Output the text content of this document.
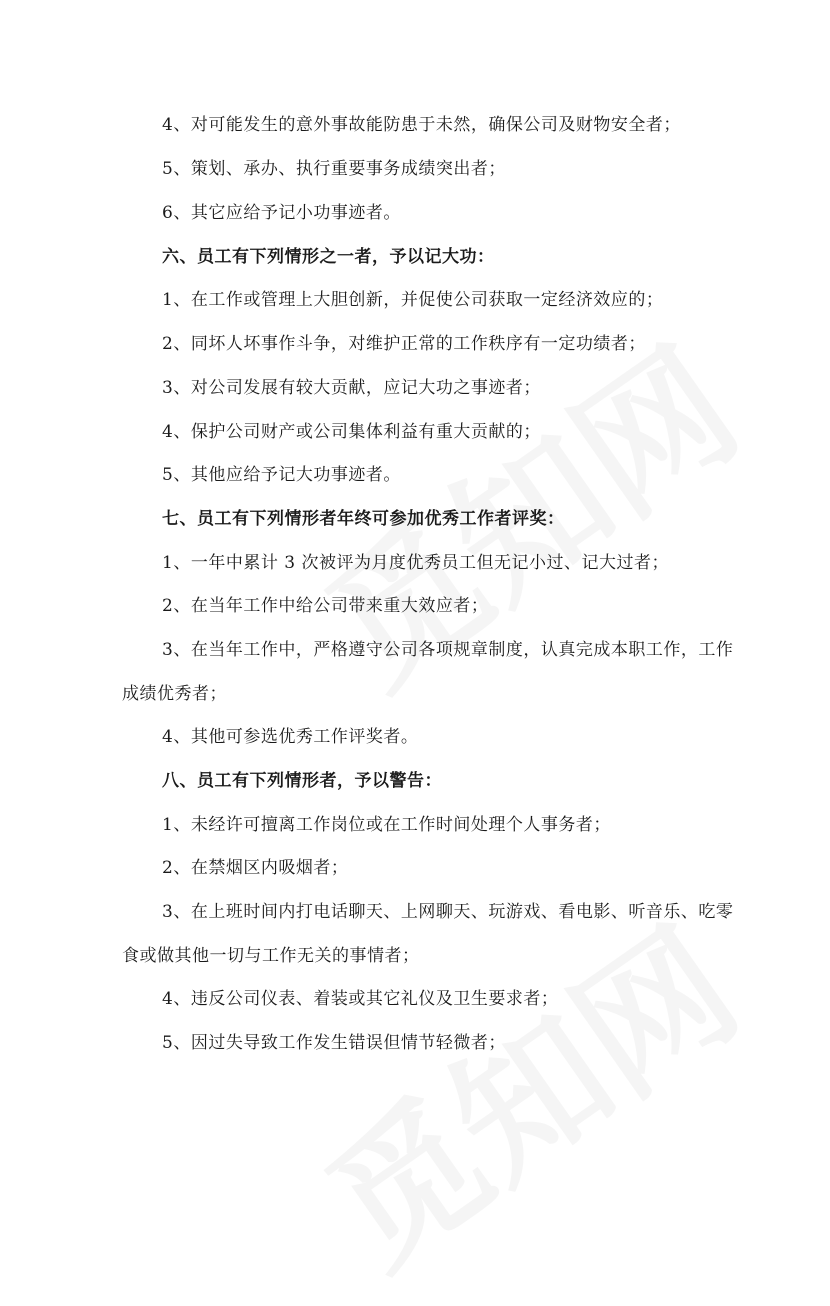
4、对可能发生的意外事故能防患于未然，确保公司及财物安全者；
5、策划、承办、执行重要事务成绩突出者；
6、其它应给予记小功事迹者。
六、员工有下列情形之一者，予以记大功：
1、在工作或管理上大胆创新，并促使公司获取一定经济效应的；
2、同坏人坏事作斗争，对维护正常的工作秩序有一定功绩者；
3、对公司发展有较大贡献，应记大功之事迹者；
4、保护公司财产或公司集体利益有重大贡献的；
5、其他应给予记大功事迹者。
七、员工有下列情形者年终可参加优秀工作者评奖：
1、一年中累计 3 次被评为月度优秀员工但无记小过、记大过者；
2、在当年工作中给公司带来重大效应者；
3、在当年工作中，严格遵守公司各项规章制度，认真完成本职工作，工作
成绩优秀者；
4、其他可参选优秀工作评奖者。
八、员工有下列情形者，予以警告：
1、未经许可擅离工作岗位或在工作时间处理个人事务者；
2、在禁烟区内吸烟者；
3、在上班时间内打电话聊天、上网聊天、玩游戏、看电影、听音乐、吃零
食或做其他一切与工作无关的事情者；
4、违反公司仪表、着装或其它礼仪及卫生要求者；
5、因过失导致工作发生错误但情节轻微者；
